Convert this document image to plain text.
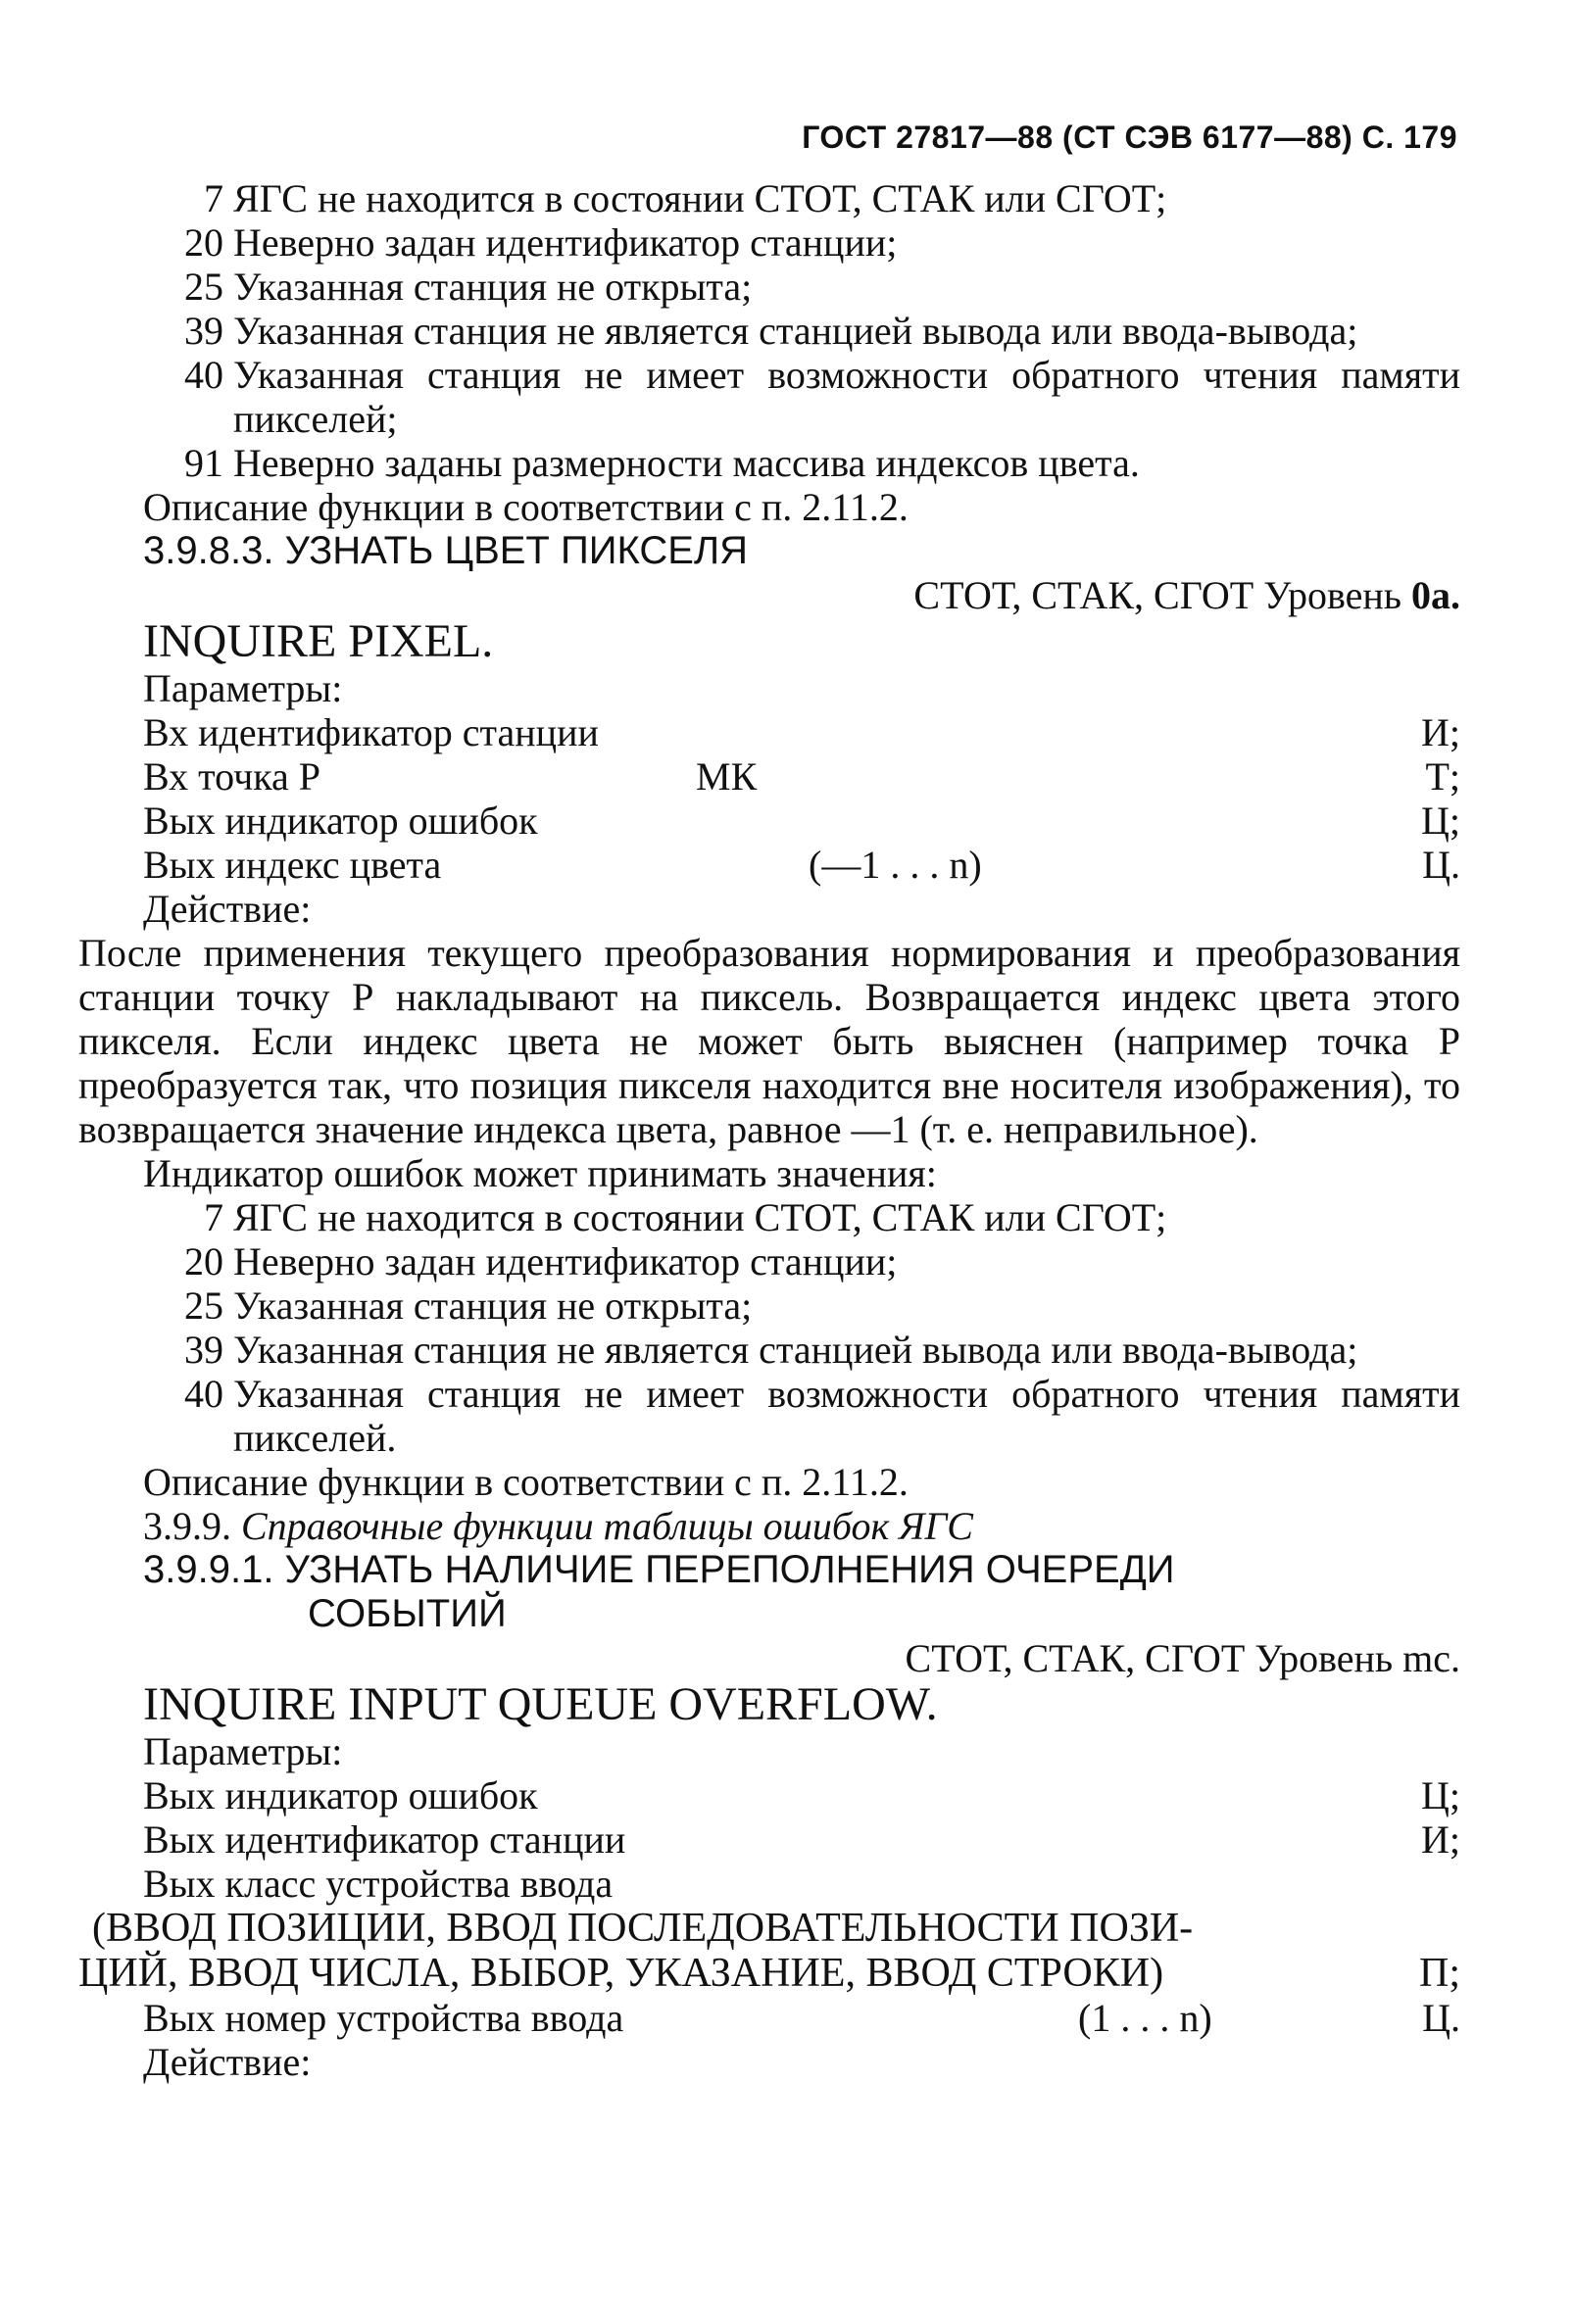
ГОСТ 27817—88 (СТ СЭВ 6177—88) С. 179
7 ЯГС не находится в состоянии СТОТ, СТАК или СГОТ;
20 Неверно задан идентификатор станции;
25 Указанная станция не открыта;
39 Указанная станция не является станцией вывода или ввода-вывода;
40 Указанная станция не имеет возможности обратного чтения памяти пикселей;
91 Неверно заданы размерности массива индексов цвета.
Описание функции в соответствии с п. 2.11.2.
3.9.8.3. УЗНАТЬ ЦВЕТ ПИКСЕЛЯ
СТОТ, СТАК, СГОТ Уровень 0а.
INQUIRE PIXEL.
Параметры:
Вх идентификатор станции	И;
Вх точка Р	МК	Т;
Вых индикатор ошибок	Ц;
Вых индекс цвета	(—1 . . . n)	Ц.
Действие:
После применения текущего преобразования нормирования и преобразования станции точку Р накладывают на пиксель. Возвращается индекс цвета этого пикселя. Если индекс цвета не может быть выяснен (например точка Р преобразуется так, что позиция пикселя находится вне носителя изображения), то возвращается значение индекса цвета, равное —1 (т. е. неправильное).
Индикатор ошибок может принимать значения:
7 ЯГС не находится в состоянии СТОТ, СТАК или СГОТ;
20 Неверно задан идентификатор станции;
25 Указанная станция не открыта;
39 Указанная станция не является станцией вывода или ввода-вывода;
40 Указанная станция не имеет возможности обратного чтения памяти пикселей.
Описание функции в соответствии с п. 2.11.2.
3.9.9. Справочные функции таблицы ошибок ЯГС
3.9.9.1. УЗНАТЬ НАЛИЧИЕ ПЕРЕПОЛНЕНИЯ ОЧЕРЕДИ
СОБЫТИЙ
СТОТ, СТАК, СГОТ Уровень mc.
INQUIRE INPUT QUEUE OVERFLOW.
Параметры:
Вых индикатор ошибок	Ц;
Вых идентификатор станции	И;
Вых класс устройства ввода
(ВВОД ПОЗИЦИИ, ВВОД ПОСЛЕДОВАТЕЛЬНОСТИ ПОЗИ-
ЦИЙ, ВВОД ЧИСЛА, ВЫБОР, УКАЗАНИЕ, ВВОД СТРОКИ)	П;
Вых номер устройства ввода	(1 . . . n)	Ц.
Действие:
